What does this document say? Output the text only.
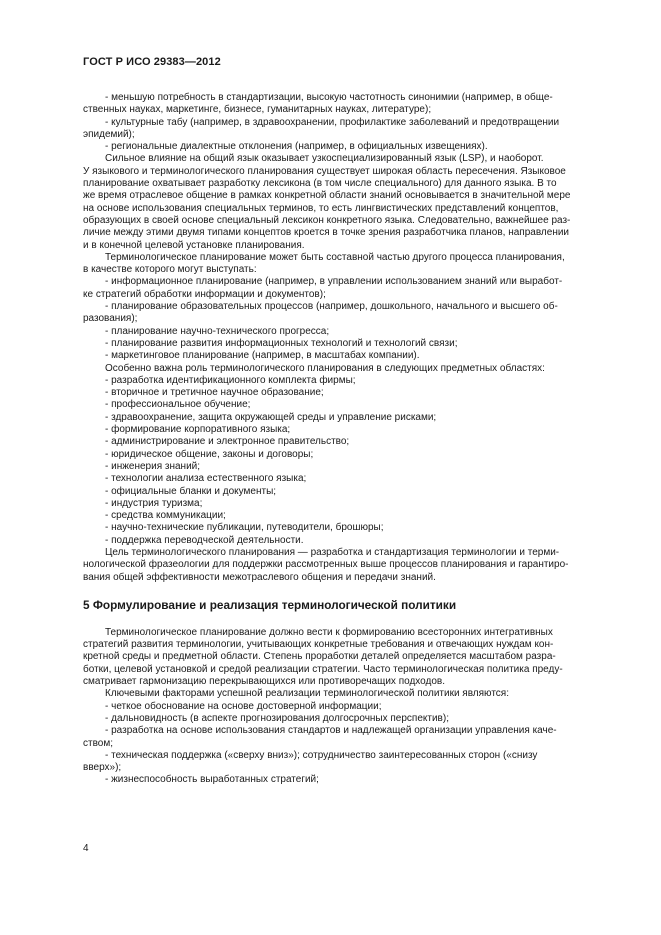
ГОСТ Р ИСО 29383—2012

- меньшую потребность в стандартизации, высокую частотность синонимии (например, в обще-

ственных науках, маркетинге, бизнесе, гуманитарных науках, литературе);

- культурные табу (например, в здравоохранении, профилактике заболеваний и предотвращении

эпидемий);

- региональные диалектные отклонения (например, в официальных извещениях).

Сильное влияние на общий язык оказывает узкоспециализированный язык (LSP), и наоборот.

У языкового и терминологического планирования существует широкая область пересечения. Языковое

планирование охватывает разработку лексикона (в том числе специального) для данного языка. В то

же время отраслевое общение в рамках конкретной области знаний основывается в значительной мере

на основе использования специальных терминов, то есть лингвистических представлений концептов,

образующих в своей основе специальный лексикон конкретного языка. Следовательно, важнейшее раз-

личие между этими двумя типами концептов кроется в точке зрения разработчика планов, направлении

и в конечной целевой установке планирования.

Терминологическое планирование может быть составной частью другого процесса планирования,

в качестве которого могут выступать:

- информационное планирование (например, в управлении использованием знаний или выработ-

ке стратегий обработки информации и документов);

- планирование образовательных процессов (например, дошкольного, начального и высшего об-

разования);

- планирование научно-технического прогресса;

- планирование развития информационных технологий и технологий связи;

- маркетинговое планирование (например, в масштабах компании).

Особенно важна роль терминологического планирования в следующих предметных областях:

- разработка идентификационного комплекта фирмы;

- вторичное и третичное научное образование;

- профессиональное обучение;

- здравоохранение, защита окружающей среды и управление рисками;

- формирование корпоративного языка;

- администрирование и электронное правительство;

- юридическое общение, законы и договоры;

- инженерия знаний;

- технологии анализа естественного языка;

- официальные бланки и документы;

- индустрия туризма;

- средства коммуникации;

- научно-технические публикации, путеводители, брошюры;

- поддержка переводческой деятельности.

Цель терминологического планирования — разработка и стандартизация терминологии и терми-

нологической фразеологии для поддержки рассмотренных выше процессов планирования и гарантиро-

вания общей эффективности межотраслевого общения и передачи знаний.

5 Формулирование и реализация терминологической политики

Терминологическое планирование должно вести к формированию всесторонних интегративных

стратегий развития терминологии, учитывающих конкретные требования и отвечающих нуждам кон-

кретной среды и предметной области. Степень проработки деталей определяется масштабом разра-

ботки, целевой установкой и средой реализации стратегии. Часто терминологическая политика преду-

сматривает гармонизацию перекрывающихся или противоречащих подходов.

Ключевыми факторами успешной реализации терминологической политики являются:

- четкое обоснование на основе достоверной информации;

- дальновидность (в аспекте прогнозирования долгосрочных перспектив);

- разработка на основе использования стандартов и надлежащей организации управления каче-

ством;

- техническая поддержка («сверху вниз»); сотрудничество заинтересованных сторон («снизу

вверх»);

- жизнеспособность выработанных стратегий;

4
